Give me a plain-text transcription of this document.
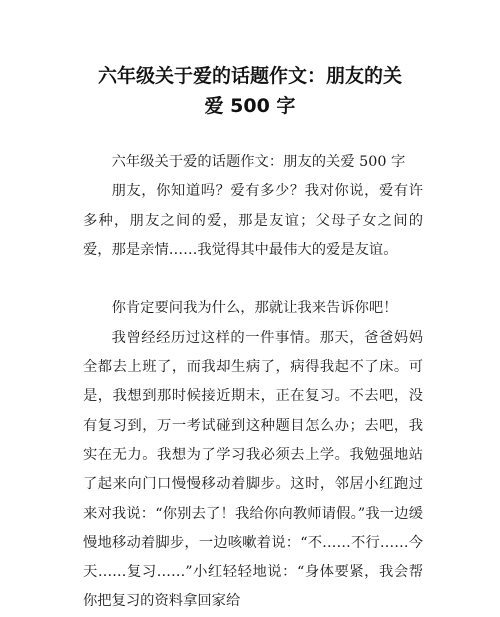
六年级关于爱的话题作文：朋友的关
爱 500 字

六年级关于爱的话题作文：朋友的关爱 500 字

朋友，你知道吗？爱有多少？我对你说，爱有许多种，朋友之间的爱，那是友谊；父母子女之间的爱，那是亲情……我觉得其中最伟大的爱是友谊。

你肯定要问我为什么，那就让我来告诉你吧！

我曾经经历过这样的一件事情。那天，爸爸妈妈全都去上班了，而我却生病了，病得我起不了床。可是，我想到那时候接近期末，正在复习。不去吧，没有复习到，万一考试碰到这种题目怎么办；去吧，我实在无力。我想为了学习我必须去上学。我勉强地站了起来向门口慢慢移动着脚步。这时，邻居小红跑过来对我说：“你别去了！我给你向教师请假。”我一边缓慢地移动着脚步，一边咳嗽着说：“不……不行……今天……复习……”小红轻轻地说：“身体要紧，我会帮你把复习的资料拿回家给
